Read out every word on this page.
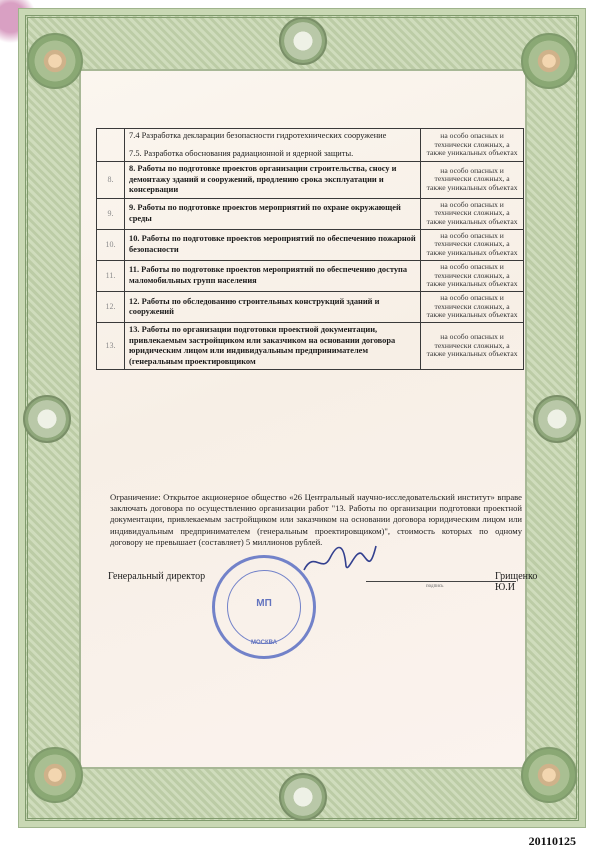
	7.4 Разработка декларации безопасности гидротехнических сооружение
7.5. Разработка обоснования радиационной и ядерной защиты.	на особо опасных и технически сложных, а также уникальных объектах
8.	8. Работы по подготовке проектов организации строительства, сносу и демонтажу зданий и сооружений, продлению срока эксплуатации и консервации	на особо опасных и технически сложных, а также уникальных объектах
9.	9. Работы по подготовке проектов мероприятий по охране окружающей среды	на особо опасных и технически сложных, а также уникальных объектах
10.	10. Работы по подготовке проектов мероприятий по обеспечению пожарной безопасности	на особо опасных и технически сложных, а также уникальных объектах
11.	11. Работы по подготовке проектов мероприятий по обеспечению доступа маломобильных групп населения	на особо опасных и технически сложных, а также уникальных объектах
12.	12. Работы по обследованию строительных конструкций зданий и сооружений	на особо опасных и технически сложных, а также уникальных объектах
13.	13. Работы по организации подготовки проектной документации, привлекаемым застройщиком или заказчиком на основании договора юридическим лицом или индивидуальным предпринимателем (генеральным проектировщиком	на особо опасных и технически сложных, а также уникальных объектах
Ограничение: Открытое акционерное общество «26 Центральный научно-исследовательский институт» вправе заключать договора по осуществлению организации работ "13. Работы по организации подготовки проектной документации, привлекаемым застройщиком или заказчиком на основании договора юридическим лицом или индивидуальным предпринимателем (генеральным проектировщиком)", стоимость которых по одному договору не превышает (составляет) 5 миллионов рублей.
Генеральный директор
подпись
Грищенко Ю.И
МП
МОСКВА
20110125
